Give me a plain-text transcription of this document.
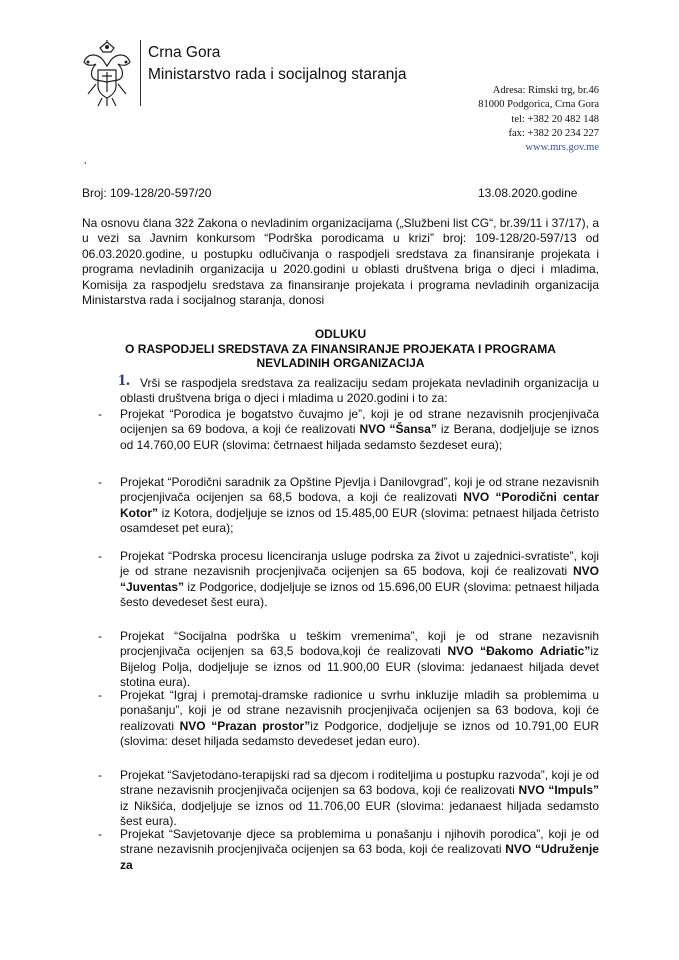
Crna Gora
Ministarstvo rada i socijalnog staranja
Adresa: Rimski trg, br.46
81000 Podgorica, Crna Gora
tel: +382 20 482 148
fax: +382 20 234 227
www.mrs.gov.me
‚
Broj: 109-128/20-597/20	13.08.2020.godine
Na osnovu člana 32ž Zakona o nevladinim organizacijama („Službeni list CG“, br.39/11 i 37/17), a u vezi sa Javnim konkursom “Podrška porodicama u krizi” broj: 109-128/20-597/13 od 06.03.2020.godine, u postupku odlučivanja o raspodjeli sredstava za finansiranje projekata i programa nevladinih organizacija u 2020.godini u oblasti društvena briga o djeci i mladima, Komisija za raspodjelu sredstava za finansiranje projekata i programa nevladinih organizacija Ministarstva rada i socijalnog staranja, donosi
ODLUKU
O RASPODJELI SREDSTAVA ZA FINANSIRANJE PROJEKATA I PROGRAMA NEVLADINIH ORGANIZACIJA
1. Vrši se raspodjela sredstava za realizaciju sedam projekata nevladinih organizacija u oblasti društvena briga o djeci i mladima u 2020.godini i to za:
- Projekat “Porodica je bogatstvo čuvajmo je”, koji je od strane nezavisnih procjenjivača ocijenjen sa 69 bodova, a koji će realizovati NVO “Šansa” iz Berana, dodjeljuje se iznos od 14.760,00 EUR (slovima: četrnaest hiljada sedamsto šezdeset eura);
- Projekat “Porodični saradnik za Opštine Pjevlja i Danilovgrad”, koji je od strane nezavisnih procjenjivača ocijenjen sa 68,5 bodova, a koji će realizovati NVO “Porodični centar Kotor” iz Kotora, dodjeljuje se iznos od 15.485,00 EUR (slovima: petnaest hiljada četristo osamdeset pet eura);
- Projekat “Podrska procesu licenciranja usluge podrska za život u zajednici-svratiste”, koji je od strane nezavisnih procjenjivača ocijenjen sa 65 bodova, koji će realizovati NVO “Juventas” iz Podgorice, dodjeljuje se iznos od 15.696,00 EUR (slovima: petnaest hiljada šesto devedeset šest eura).
- Projekat “Socijalna podrška u teškim vremenima”, koji je od strane nezavisnih procjenjivača ocijenjen sa 63,5 bodova,koji će realizovati NVO “Đakomo Adriatic”iz Bijelog Polja, dodjeljuje se iznos od 11.900,00 EUR (slovima: jedanaest hiljada devet stotina eura).
- Projekat “Igraj i premotaj-dramske radionice u svrhu inkluzije mladih sa problemima u ponašanju”, koji je od strane nezavisnih procjenjivača ocijenjen sa 63 bodova, koji će realizovati NVO “Prazan prostor”iz Podgorice, dodjeljuje se iznos od 10.791,00 EUR (slovima: deset hiljada sedamsto devedeset jedan euro).
- Projekat “Savjetodano-terapijski rad sa djecom i roditeljima u postupku razvoda”, koji je od strane nezavisnih procjenjivača ocijenjen sa 63 bodova, koji će realizovati NVO “Impuls” iz Nikšića, dodjeljuje se iznos od 11.706,00 EUR (slovima: jedanaest hiljada sedamsto šest eura).
- Projekat “Savjetovanje djece sa problemima u ponašanju i njihovih porodica”, koji je od strane nezavisnih procjenjivača ocijenjen sa 63 boda, koji će realizovati NVO “Udruženje za
